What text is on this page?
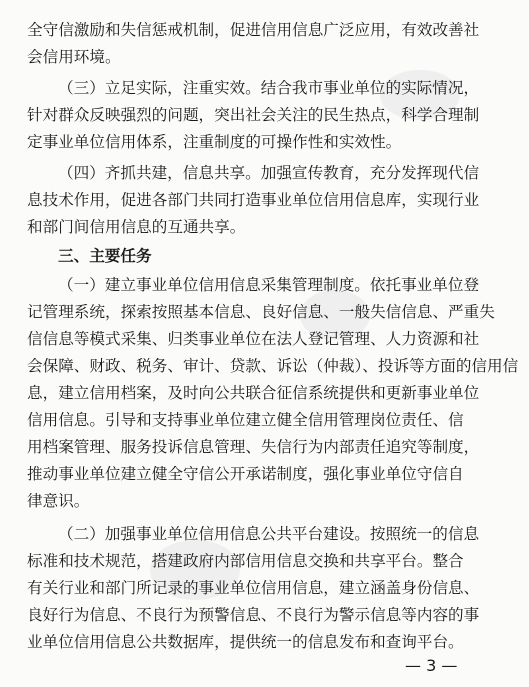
全守信激励和失信惩戒机制，促进信用信息广泛应用，有效改善社
会信用环境。
（三）立足实际，注重实效。结合我市事业单位的实际情况，
针对群众反映强烈的问题，突出社会关注的民生热点，科学合理制
定事业单位信用体系，注重制度的可操作性和实效性。
（四）齐抓共建，信息共享。加强宣传教育，充分发挥现代信
息技术作用，促进各部门共同打造事业单位信用信息库，实现行业
和部门间信用信息的互通共享。
三、主要任务
（一）建立事业单位信用信息采集管理制度。依托事业单位登
记管理系统，探索按照基本信息、良好信息、一般失信信息、严重失
信信息等模式采集、归类事业单位在法人登记管理、人力资源和社
会保障、财政、税务、审计、贷款、诉讼（仲裁）、投诉等方面的信用信
息，建立信用档案，及时向公共联合征信系统提供和更新事业单位
信用信息。引导和支持事业单位建立健全信用管理岗位责任、信
用档案管理、服务投诉信息管理、失信行为内部责任追究等制度，
推动事业单位建立健全守信公开承诺制度，强化事业单位守信自
律意识。
（二）加强事业单位信用信息公共平台建设。按照统一的信息
标准和技术规范，搭建政府内部信用信息交换和共享平台。整合
有关行业和部门所记录的事业单位信用信息，建立涵盖身份信息、
良好行为信息、不良行为预警信息、不良行为警示信息等内容的事
业单位信用信息公共数据库，提供统一的信息发布和查询平台。
— 3 —
